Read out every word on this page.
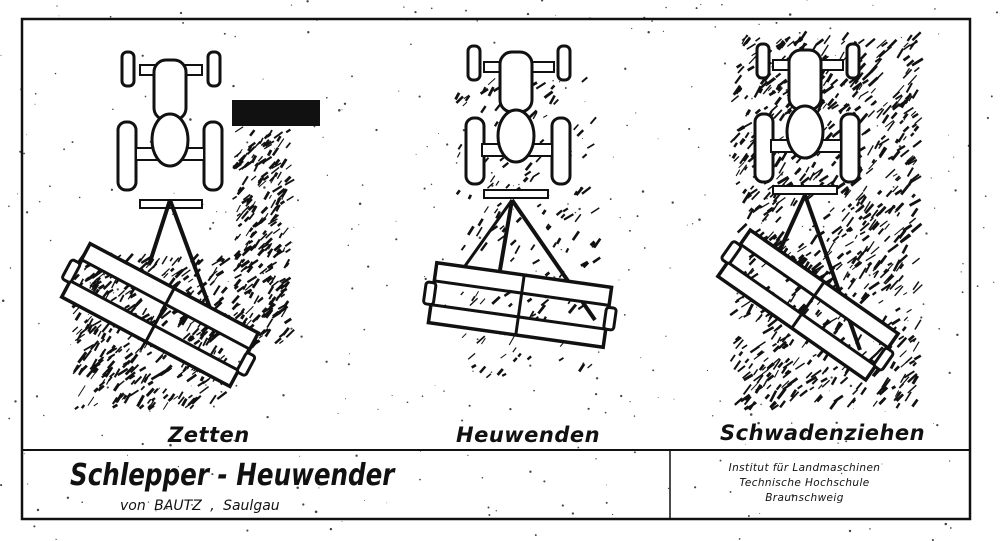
Zetten	Heuwenden	Schwadenziehen
Schlepper - Heuwender
von BAUTZ , Saulgau
Institut für Landmaschinen
Technische Hochschule
Braunschweig
